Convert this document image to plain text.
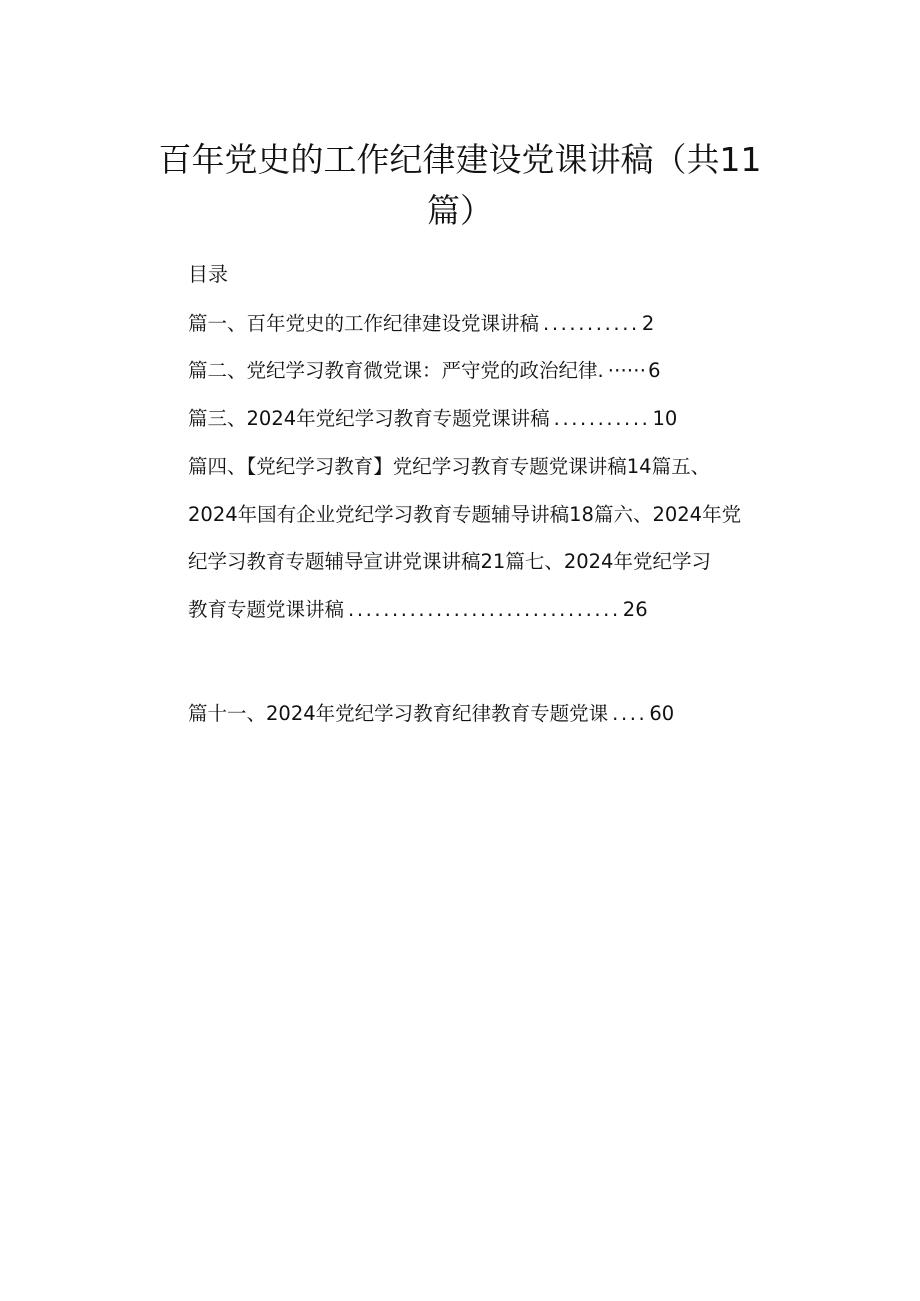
百年党史的工作纪律建设党课讲稿（共11
篇）
目录
篇一、百年党史的工作纪律建设党课讲稿 ........... 2
篇二、党纪学习教育微党课：严守党的政治纪律. ······ 6
篇三、2024年党纪学习教育专题党课讲稿 ........... 10
篇四、【党纪学习教育】党纪学习教育专题党课讲稿14篇五、
2024年国有企业党纪学习教育专题辅导讲稿18篇六、2024年党
纪学习教育专题辅导宣讲党课讲稿21篇七、2024年党纪学习
教育专题党课讲稿 ............................... 26
篇十一、2024年党纪学习教育纪律教育专题党课 .... 60
